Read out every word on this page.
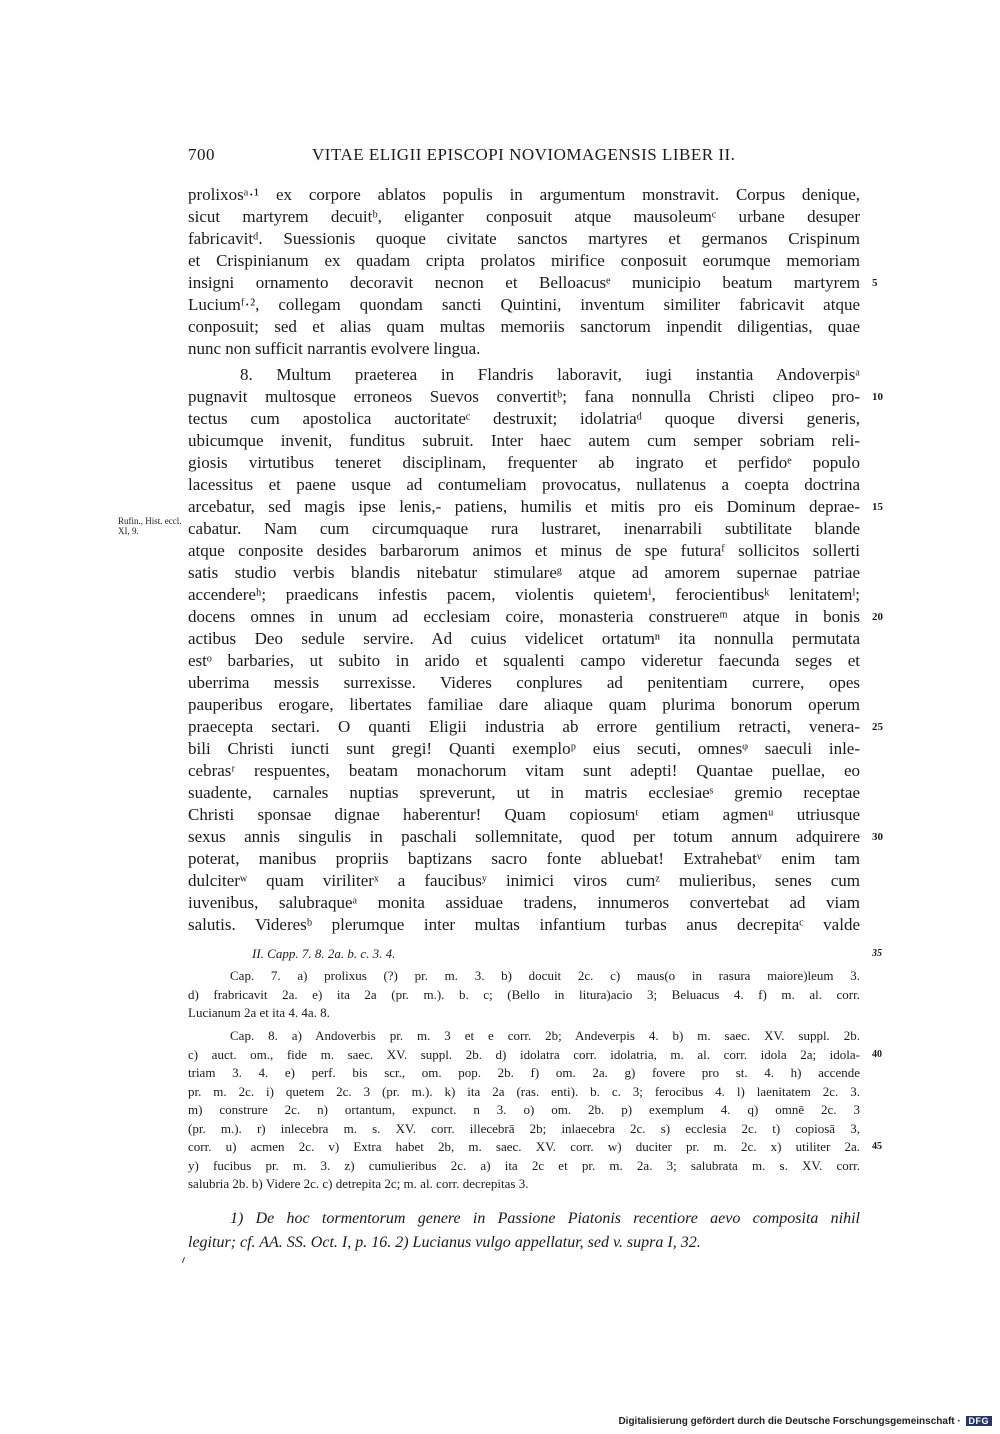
700	VITAE ELIGII EPISCOPI NOVIOMAGENSIS LIBER II.
Rufin., Hist. eccl. XI, 9.
prolixosᵃ·¹ ex corpore ablatos populis in argumentum monstravit. Corpus denique,
sicut martyrem decuitᵇ, eliganter conposuit atque mausoleumᶜ urbane desuper
fabricavitᵈ. Suessionis quoque civitate sanctos martyres et germanos Crispinum
et Crispinianum ex quadam cripta prolatos mirifice conposuit eorumque memoriam
insigni ornamento decoravit necnon et Belloacusᵉ municipio beatum martyrem 5
Luciumᶠ·², collegam quondam sancti Quintini, inventum similiter fabricavit atque
conposuit; sed et alias quam multas memoriis sanctorum inpendit diligentias, quae
nunc non sufficit narrantis evolvere lingua.
8. Multum praeterea in Flandris laboravit, iugi instantia Andoverpisᵃ
pugnavit multosque erroneos Suevos convertitᵇ; fana nonnulla Christi clipeo pro- 10
tectus cum apostolica auctoritateᶜ destruxit; idolatriaᵈ quoque diversi generis,
ubicumque invenit, funditus subruit. Inter haec autem cum semper sobriam reli-
giosis virtutibus teneret disciplinam, frequenter ab ingrato et perfidoᵉ populo
lacessitus et paene usque ad contumeliam provocatus, nullatenus a coepta doctrina
arcebatur, sed magis ipse lenis,- patiens, humilis et mitis pro eis Dominum deprae- 15
cabatur. Nam cum circumquaque rura lustraret, inenarrabili subtilitate blande
atque conposite desides barbarorum animos et minus de spe futuraᶠ sollicitos sollerti
satis studio verbis blandis nitebatur stimulareᵍ atque ad amorem supernae patriae
accendereʰ; praedicans infestis pacem, violentis quietemⁱ, ferocientibusᵏ lenitatemˡ;
docens omnes in unum ad ecclesiam coire, monasteria construereᵐ atque in bonis 20
actibus Deo sedule servire. Ad cuius videlicet ortatumⁿ ita nonnulla permutata
estᵒ barbaries, ut subito in arido et squalenti campo videretur faecunda seges et
uberrima messis surrexisse. Videres conplures ad penitentiam currere, opes
pauperibus erogare, libertates familiae dare aliaque quam plurima bonorum operum
praecepta sectari. O quanti Eligii industria ab errore gentilium retracti, venera- 25
bili Christi iuncti sunt gregi! Quanti exemploᵖ eius secuti, omnesᵠ saeculi inle-
cebrasʳ respuentes, beatam monachorum vitam sunt adepti! Quantae puellae, eo
suadente, carnales nuptias spreverunt, ut in matris ecclesiaeˢ gremio receptae
Christi sponsae dignae haberentur! Quam copiosumᵗ etiam agmenᵘ utriusque
sexus annis singulis in paschali sollemnitate, quod per totum annum adquirere 30
poterat, manibus propriis baptizans sacro fonte abluebat! Extrahebatᵛ enim tam
dulciterʷ quam viriliterˣ a faucibusʸ inimici viros cumᶻ mulieribus, senes cum
iuvenibus, salubraqueᵃ monita assiduae tradens, innumeros convertebat ad viam
salutis. Videresᵇ plerumque inter multas infantium turbas anus decrepitaᶜ valde
II. Capp. 7. 8. 2a. b. c. 3. 4.	35
Cap. 7. a) prolixus (?) pr. m. 3. b) docuit 2c. c) maus(o in rasura maiore)leum 3.
d) frabricavit 2a. e) ita 2a (pr. m.). b. c; (Bello in litura)acio 3; Beluacus 4. f) m. al. corr.
Lucianum 2a et ita 4. 4a. 8.
Cap. 8. a) Andoverbis pr. m. 3 et e corr. 2b; Andeverpis 4. b) m. saec. XV. suppl. 2b.
c) auct. om., fide m. saec. XV. suppl. 2b. d) idolatra corr. idolatria, m. al. corr. idola 2a; idola- 40
triam 3. 4. e) perf. bis scr., om. pop. 2b. f) om. 2a. g) fovere pro st. 4. h) accende
pr. m. 2c. i) quetem 2c. 3 (pr. m.). k) ita 2a (ras. enti). b. c. 3; ferocibus 4. l) laenitatem 2c. 3.
m) construre 2c. n) ortantum, expunct. n 3. o) om. 2b. p) exemplum 4. q) omnē 2c. 3
(pr. m.). r) inlecebra m. s. XV. corr. illecebrā 2b; inlaecebra 2c. s) ecclesia 2c. t) copiosā 3,
corr. u) acmen 2c. v) Extra habet 2b, m. saec. XV. corr. w) duciter pr. m. 2c. x) utiliter 2a. 45
y) fucibus pr. m. 3. z) cumulieribus 2c. a) ita 2c et pr. m. 2a. 3; salubrata m. s. XV. corr.
salubria 2b. b) Videre 2c. c) detrepita 2c; m. al. corr. decrepitas 3.
1) De hoc tormentorum genere in Passione Piatonis recentiore aevo composita nihil
legitur; cf. AA. SS. Oct. I, p. 16. 2) Lucianus vulgo appellatur, sed v. supra I, 32.
Digitalisierung gefördert durch die Deutsche Forschungsgemeinschaft · DFG
